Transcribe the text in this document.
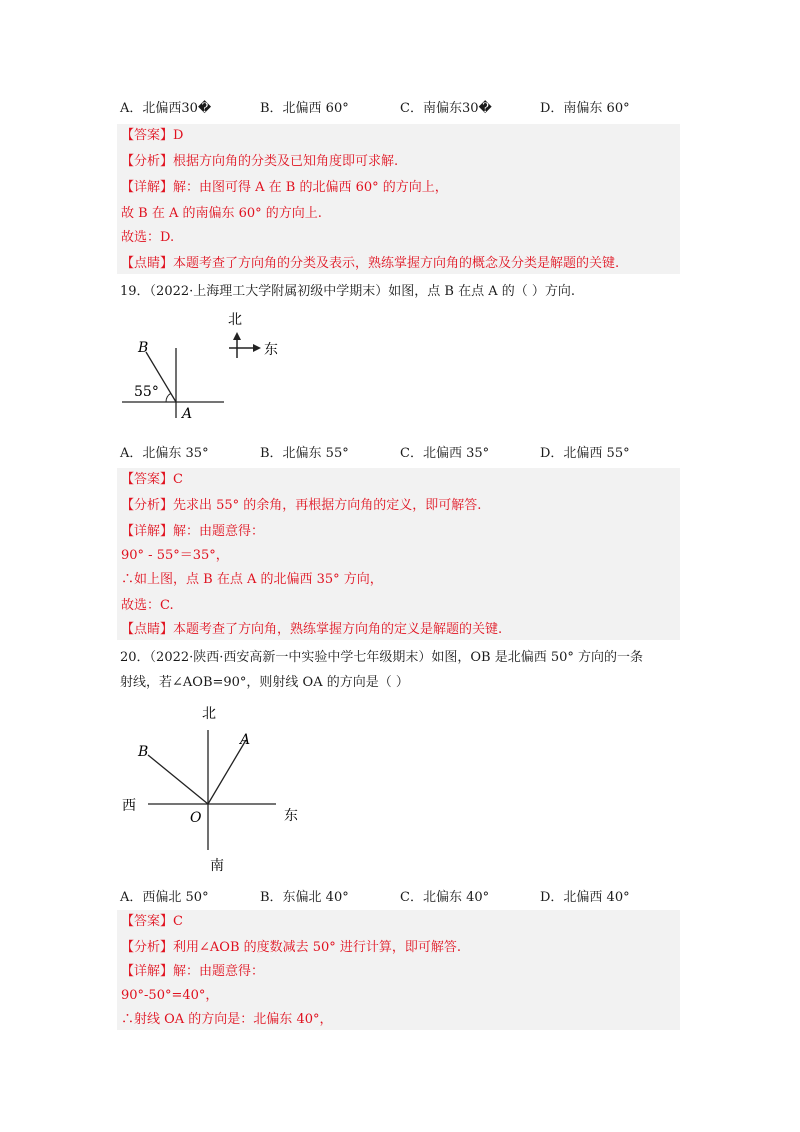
A．北偏西30�	B．北偏西 60°	C．南偏东30�	D．南偏东 60°
【答案】D
【分析】根据方向角的分类及已知角度即可求解.
【详解】解：由图可得 A 在 B 的北偏西 60° 的方向上，
故 B 在 A 的南偏东 60° 的方向上.
故选：D.
【点睛】本题考查了方向角的分类及表示，熟练掌握方向角的概念及分类是解题的关键.
19．（2022·上海理工大学附属初级中学期末）如图，点 B 在点 A 的（ ）方向.
B
A
55°
北
东
A．北偏东 35°	B．北偏东 55°	C．北偏西 35°	D．北偏西 55°
【答案】C
【分析】先求出 55° 的余角，再根据方向角的定义，即可解答.
【详解】解：由题意得：
90° - 55°＝35°，
∴如上图，点 B 在点 A 的北偏西 35° 方向，
故选：C.
【点睛】本题考查了方向角，熟练掌握方向角的定义是解题的关键.
20．（2022·陕西·西安高新一中实验中学七年级期末）如图，OB 是北偏西 50° 方向的一条
射线，若∠AOB=90°，则射线 OA 的方向是（ ）
北
南
西
东
O
A
B
A．西偏北 50°	B．东偏北 40°	C．北偏东 40°	D．北偏西 40°
【答案】C
【分析】利用∠AOB 的度数减去 50° 进行计算，即可解答.
【详解】解：由题意得：
90°-50°=40°，
∴射线 OA 的方向是：北偏东 40°，
